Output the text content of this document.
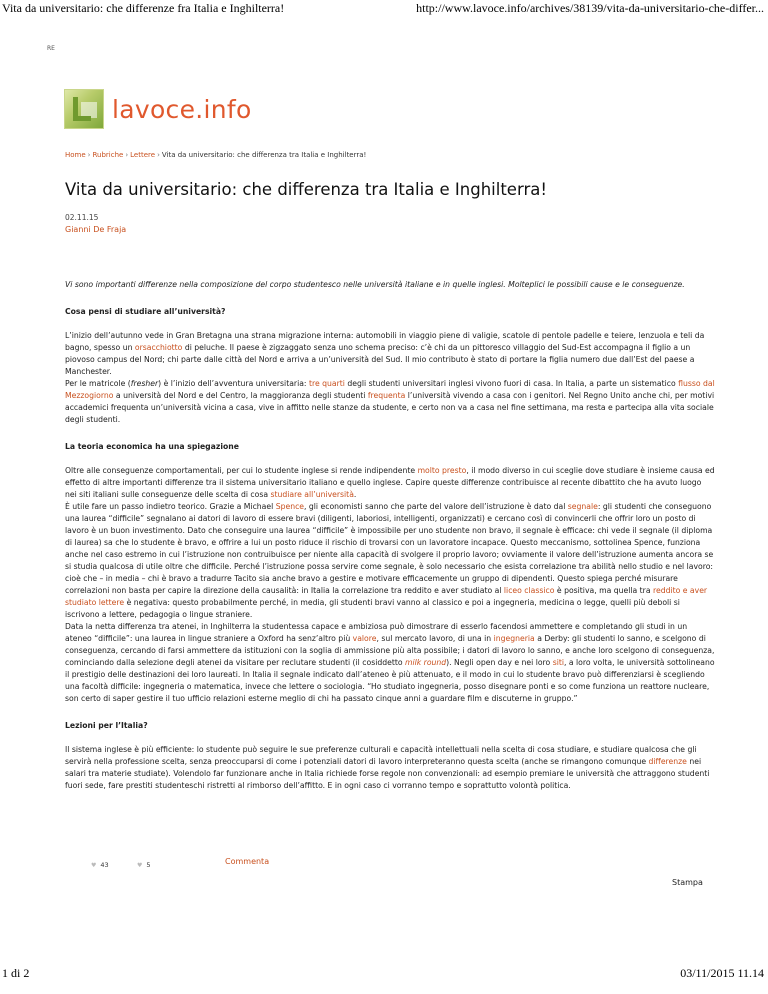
Vita da universitario: che differenze fra Italia e Inghilterra!	http://www.lavoce.info/archives/38139/vita-da-universitario-che-differ...
RE
lavoce.info
Home › Rubriche › Lettere › Vita da universitario: che differenza tra Italia e Inghilterra!
Vita da universitario: che differenza tra Italia e Inghilterra!
02.11.15
Gianni De Fraja

Vi sono importanti differenze nella composizione del corpo studentesco nelle università italiane e in quelle inglesi. Molteplici le possibili cause e le conseguenze.

Cosa pensi di studiare all’università?

L’inizio dell’autunno vede in Gran Bretagna una strana migrazione interna: automobili in viaggio piene di valigie, scatole di pentole padelle e teiere, lenzuola e teli da bagno, spesso un orsacchiotto di peluche. Il paese è zigzaggato senza uno schema preciso: c’è chi da un pittoresco villaggio del Sud-Est accompagna il figlio a un piovoso campus del Nord; chi parte dalle città del Nord e arriva a un’università del Sud. Il mio contributo è stato di portare la figlia numero due dall’Est del paese a Manchester.

Per le matricole (fresher) è l’inizio dell’avventura universitaria: tre quarti degli studenti universitari inglesi vivono fuori di casa. In Italia, a parte un sistematico flusso dal Mezzogiorno a università del Nord e del Centro, la maggioranza degli studenti frequenta l’università vivendo a casa con i genitori. Nel Regno Unito anche chi, per motivi accademici frequenta un’università vicina a casa, vive in affitto nelle stanze da studente, e certo non va a casa nel fine settimana, ma resta e partecipa alla vita sociale degli studenti.

La teoria economica ha una spiegazione

Oltre alle conseguenze comportamentali, per cui lo studente inglese si rende indipendente molto presto, il modo diverso in cui sceglie dove studiare è insieme causa ed effetto di altre importanti differenze tra il sistema universitario italiano e quello inglese. Capire queste differenze contribuisce al recente dibattito che ha avuto luogo nei siti italiani sulle conseguenze delle scelta di cosa studiare all’università.

È utile fare un passo indietro teorico. Grazie a Michael Spence, gli economisti sanno che parte del valore dell’istruzione è dato dal segnale: gli studenti che conseguono una laurea “difficile” segnalano ai datori di lavoro di essere bravi (diligenti, laboriosi, intelligenti, organizzati) e cercano così di convincerli che offrir loro un posto di lavoro è un buon investimento. Dato che conseguire una laurea “difficile” è impossibile per uno studente non bravo, il segnale è efficace: chi vede il segnale (il diploma di laurea) sa che lo studente è bravo, e offrire a lui un posto riduce il rischio di trovarsi con un lavoratore incapace. Questo meccanismo, sottolinea Spence, funziona anche nel caso estremo in cui l’istruzione non contruibuisce per niente alla capacità di svolgere il proprio lavoro; ovviamente il valore dell’istruzione aumenta ancora se si studia qualcosa di utile oltre che difficile. Perché l’istruzione possa servire come segnale, è solo necessario che esista correlazione tra abilità nello studio e nel lavoro: cioè che – in media – chi è bravo a tradurre Tacito sia anche bravo a gestire e motivare efficacemente un gruppo di dipendenti. Questo spiega perché misurare correlazioni non basta per capire la direzione della causalità: in Italia la correlazione tra reddito e aver studiato al liceo classico è positiva, ma quella tra reddito e aver studiato lettere è negativa: questo probabilmente perché, in media, gli studenti bravi vanno al classico e poi a ingegneria, medicina o legge, quelli più deboli si iscrivono a lettere, pedagogia o lingue straniere.

Data la netta differenza tra atenei, in Inghilterra la studentessa capace e ambiziosa può dimostrare di esserlo facendosi ammettere e completando gli studi in un ateneo “difficile”: una laurea in lingue straniere a Oxford ha senz’altro più valore, sul mercato lavoro, di una in ingegneria a Derby: gli studenti lo sanno, e scelgono di conseguenza, cercando di farsi ammettere da istituzioni con la soglia di ammissione più alta possibile; i datori di lavoro lo sanno, e anche loro scelgono di conseguenza, cominciando dalla selezione degli atenei da visitare per reclutare studenti (il cosiddetto milk round). Negli open day e nei loro siti, a loro volta, le università sottolineano il prestigio delle destinazioni dei loro laureati. In Italia il segnale indicato dall’ateneo è più attenuato, e il modo in cui lo studente bravo può differenziarsi è scegliendo una facoltà difficile: ingegneria o matematica, invece che lettere o sociologia. “Ho studiato ingegneria, posso disegnare ponti e so come funziona un reattore nucleare, son certo di saper gestire il tuo ufficio relazioni esterne meglio di chi ha passato cinque anni a guardare film e discuterne in gruppo.”

Lezioni per l’Italia?

Il sistema inglese è più efficiente: lo studente può seguire le sue preferenze culturali e capacità intellettuali nella scelta di cosa studiare, e studiare qualcosa che gli servirà nella professione scelta, senza preoccuparsi di come i potenziali datori di lavoro interpreteranno questa scelta (anche se rimangono comunque differenze nei salari tra materie studiate). Volendolo far funzionare anche in Italia richiede forse regole non convenzionali: ad esempio premiare le università che attraggono studenti fuori sede, fare prestiti studenteschi ristretti al rimborso dell’affitto. E in ogni caso ci vorranno tempo e soprattutto volontà politica.

♥ 43	♥ 5	Commenta
Stampa
1 di 2	03/11/2015 11.14
